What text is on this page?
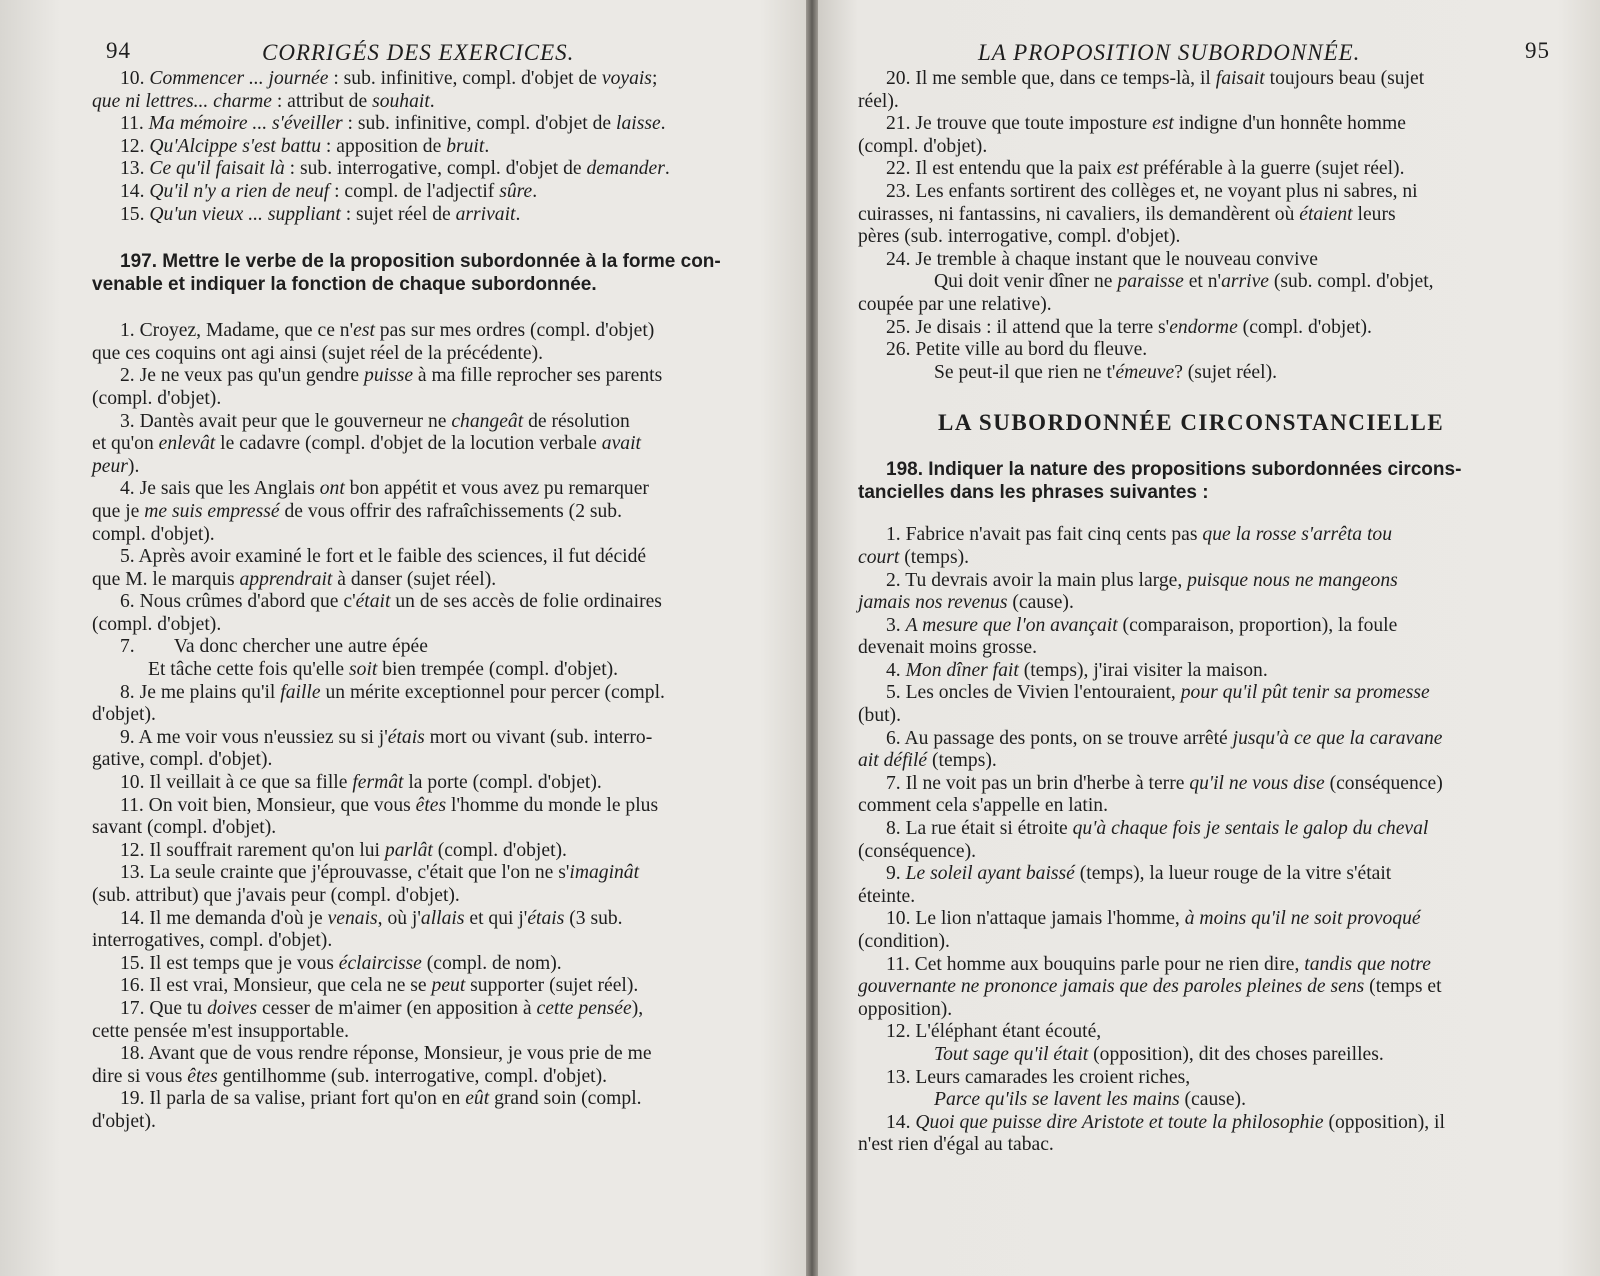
94	CORRIGÉS DES EXERCICES.
10. Commencer ... journée : sub. infinitive, compl. d'objet de voyais;
que ni lettres... charme : attribut de souhait.
11. Ma mémoire ... s'éveiller : sub. infinitive, compl. d'objet de laisse.
12. Qu'Alcippe s'est battu : apposition de bruit.
13. Ce qu'il faisait là : sub. interrogative, compl. d'objet de demander.
14. Qu'il n'y a rien de neuf : compl. de l'adjectif sûre.
15. Qu'un vieux ... suppliant : sujet réel de arrivait.
197. Mettre le verbe de la proposition subordonnée à la forme con-
venable et indiquer la fonction de chaque subordonnée.
1. Croyez, Madame, que ce n'est pas sur mes ordres (compl. d'objet)
que ces coquins ont agi ainsi (sujet réel de la précédente).
2. Je ne veux pas qu'un gendre puisse à ma fille reprocher ses parents
(compl. d'objet).
3. Dantès avait peur que le gouverneur ne changeât de résolution
et qu'on enlevât le cadavre (compl. d'objet de la locution verbale avait
peur).
4. Je sais que les Anglais ont bon appétit et vous avez pu remarquer
que je me suis empressé de vous offrir des rafraîchissements (2 sub.
compl. d'objet).
5. Après avoir examiné le fort et le faible des sciences, il fut décidé
que M. le marquis apprendrait à danser (sujet réel).
6. Nous crûmes d'abord que c'était un de ses accès de folie ordinaires
(compl. d'objet).
7.        Va donc chercher une autre épée
Et tâche cette fois qu'elle soit bien trempée (compl. d'objet).
8. Je me plains qu'il faille un mérite exceptionnel pour percer (compl.
d'objet).
9. A me voir vous n'eussiez su si j'étais mort ou vivant (sub. interro-
gative, compl. d'objet).
10. Il veillait à ce que sa fille fermât la porte (compl. d'objet).
11. On voit bien, Monsieur, que vous êtes l'homme du monde le plus
savant (compl. d'objet).
12. Il souffrait rarement qu'on lui parlât (compl. d'objet).
13. La seule crainte que j'éprouvasse, c'était que l'on ne s'imaginât
(sub. attribut) que j'avais peur (compl. d'objet).
14. Il me demanda d'où je venais, où j'allais et qui j'étais (3 sub.
interrogatives, compl. d'objet).
15. Il est temps que je vous éclaircisse (compl. de nom).
16. Il est vrai, Monsieur, que cela ne se peut supporter (sujet réel).
17. Que tu doives cesser de m'aimer (en apposition à cette pensée),
cette pensée m'est insupportable.
18. Avant que de vous rendre réponse, Monsieur, je vous prie de me
dire si vous êtes gentilhomme (sub. interrogative, compl. d'objet).
19. Il parla de sa valise, priant fort qu'on en eût grand soin (compl.
d'objet).
LA PROPOSITION SUBORDONNÉE.	95
20. Il me semble que, dans ce temps-là, il faisait toujours beau (sujet
réel).
21. Je trouve que toute imposture est indigne d'un honnête homme
(compl. d'objet).
22. Il est entendu que la paix est préférable à la guerre (sujet réel).
23. Les enfants sortirent des collèges et, ne voyant plus ni sabres, ni
cuirasses, ni fantassins, ni cavaliers, ils demandèrent où étaient leurs
pères (sub. interrogative, compl. d'objet).
24. Je tremble à chaque instant que le nouveau convive
Qui doit venir dîner ne paraisse et n'arrive (sub. compl. d'objet,
coupée par une relative).
25. Je disais : il attend que la terre s'endorme (compl. d'objet).
26. Petite ville au bord du fleuve.
Se peut-il que rien ne t'émeuve? (sujet réel).
LA SUBORDONNÉE CIRCONSTANCIELLE
198. Indiquer la nature des propositions subordonnées circons-
tancielles dans les phrases suivantes :
1. Fabrice n'avait pas fait cinq cents pas que la rosse s'arrêta tou
court (temps).
2. Tu devrais avoir la main plus large, puisque nous ne mangeons
jamais nos revenus (cause).
3. A mesure que l'on avançait (comparaison, proportion), la foule
devenait moins grosse.
4. Mon dîner fait (temps), j'irai visiter la maison.
5. Les oncles de Vivien l'entouraient, pour qu'il pût tenir sa promesse
(but).
6. Au passage des ponts, on se trouve arrêté jusqu'à ce que la caravane
ait défilé (temps).
7. Il ne voit pas un brin d'herbe à terre qu'il ne vous dise (conséquence)
comment cela s'appelle en latin.
8. La rue était si étroite qu'à chaque fois je sentais le galop du cheval
(conséquence).
9. Le soleil ayant baissé (temps), la lueur rouge de la vitre s'était
éteinte.
10. Le lion n'attaque jamais l'homme, à moins qu'il ne soit provoqué
(condition).
11. Cet homme aux bouquins parle pour ne rien dire, tandis que notre
gouvernante ne prononce jamais que des paroles pleines de sens (temps et
opposition).
12. L'éléphant étant écouté,
Tout sage qu'il était (opposition), dit des choses pareilles.
13. Leurs camarades les croient riches,
Parce qu'ils se lavent les mains (cause).
14. Quoi que puisse dire Aristote et toute la philosophie (opposition), il
n'est rien d'égal au tabac.
